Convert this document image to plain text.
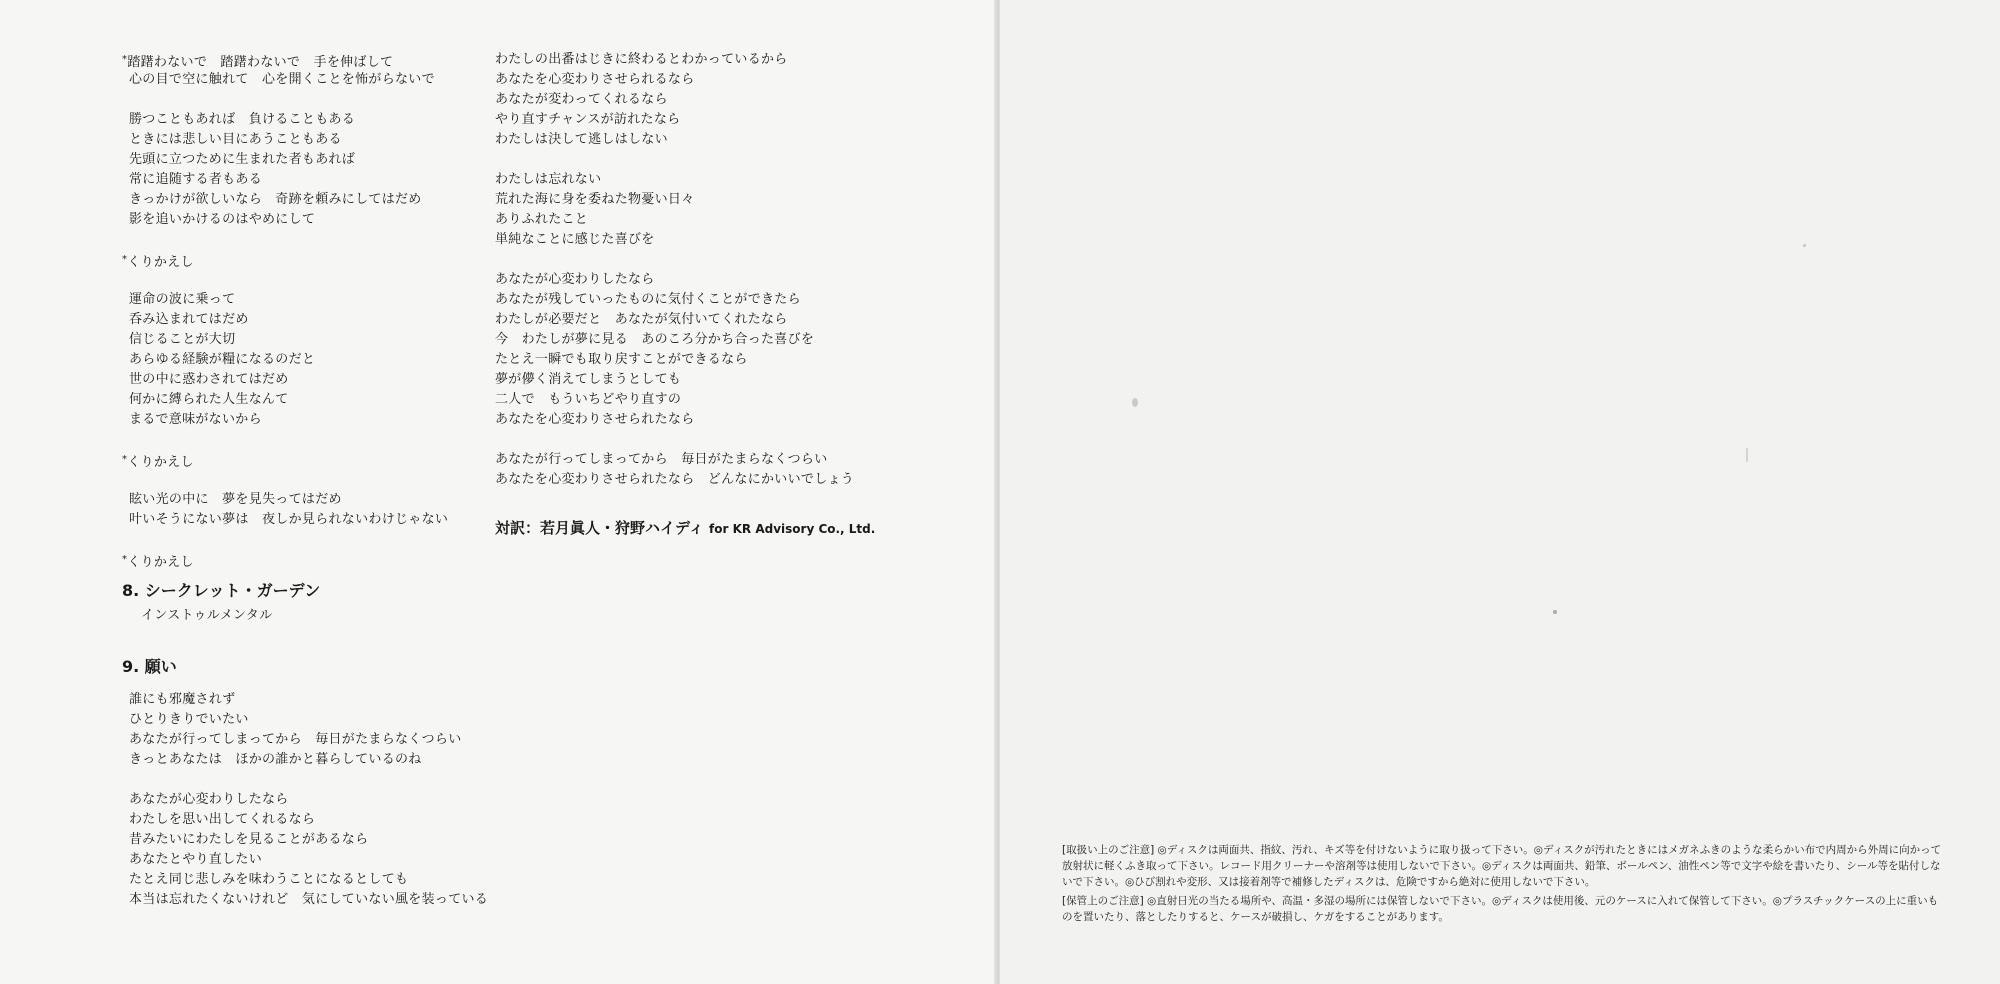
*踏躇わないで　踏躇わないで　手を伸ばして
心の目で空に触れて　心を開くことを怖がらないで
勝つこともあれば　負けることもある
ときには悲しい目にあうこともある
先頭に立つために生まれた者もあれば
常に追随する者もある
きっかけが欲しいなら　奇跡を頼みにしてはだめ
影を追いかけるのはやめにして
*くりかえし
運命の波に乗って
呑み込まれてはだめ
信じることが大切
あらゆる経験が糧になるのだと
世の中に惑わされてはだめ
何かに縛られた人生なんて
まるで意味がないから
*くりかえし
眩い光の中に　夢を見失ってはだめ
叶いそうにない夢は　夜しか見られないわけじゃない
*くりかえし
8. シークレット・ガーデン
インストゥルメンタル
9. 願い
誰にも邪魔されず
ひとりきりでいたい
あなたが行ってしまってから　毎日がたまらなくつらい
きっとあなたは　ほかの誰かと暮らしているのね
あなたが心変わりしたなら
わたしを思い出してくれるなら
昔みたいにわたしを見ることがあるなら
あなたとやり直したい
たとえ同じ悲しみを味わうことになるとしても
本当は忘れたくないけれど　気にしていない風を装っている
わたしの出番はじきに終わるとわかっているから
あなたを心変わりさせられるなら
あなたが変わってくれるなら
やり直すチャンスが訪れたなら
わたしは決して逃しはしない
わたしは忘れない
荒れた海に身を委ねた物憂い日々
ありふれたこと
単純なことに感じた喜びを
あなたが心変わりしたなら
あなたが残していったものに気付くことができたら
わたしが必要だと　あなたが気付いてくれたなら
今　わたしが夢に見る　あのころ分かち合った喜びを
たとえ一瞬でも取り戻すことができるなら
夢が儚く消えてしまうとしても
二人で　もういちどやり直すの
あなたを心変わりさせられたなら
あなたが行ってしまってから　毎日がたまらなくつらい
あなたを心変わりさせられたなら　どんなにかいいでしょう
対訳：若月眞人・狩野ハイディ for KR Advisory Co., Ltd.
[取扱い上のご注意] ◎ディスクは両面共、指紋、汚れ、キズ等を付けないように取り扱って下さい。◎ディスクが汚れたときにはメガネふきのような柔らかい布で内周から外周に向かって放射状に軽くふき取って下さい。レコード用クリーナーや溶剤等は使用しないで下さい。◎ディスクは両面共、鉛筆、ボールペン、油性ペン等で文字や絵を書いたり、シール等を貼付しないで下さい。◎ひび割れや変形、又は接着剤等で補修したディスクは、危険ですから絶対に使用しないで下さい。
[保管上のご注意] ◎直射日光の当たる場所や、高温・多湿の場所には保管しないで下さい。◎ディスクは使用後、元のケースに入れて保管して下さい。◎プラスチックケースの上に重いものを置いたり、落としたりすると、ケースが破損し、ケガをすることがあります。
